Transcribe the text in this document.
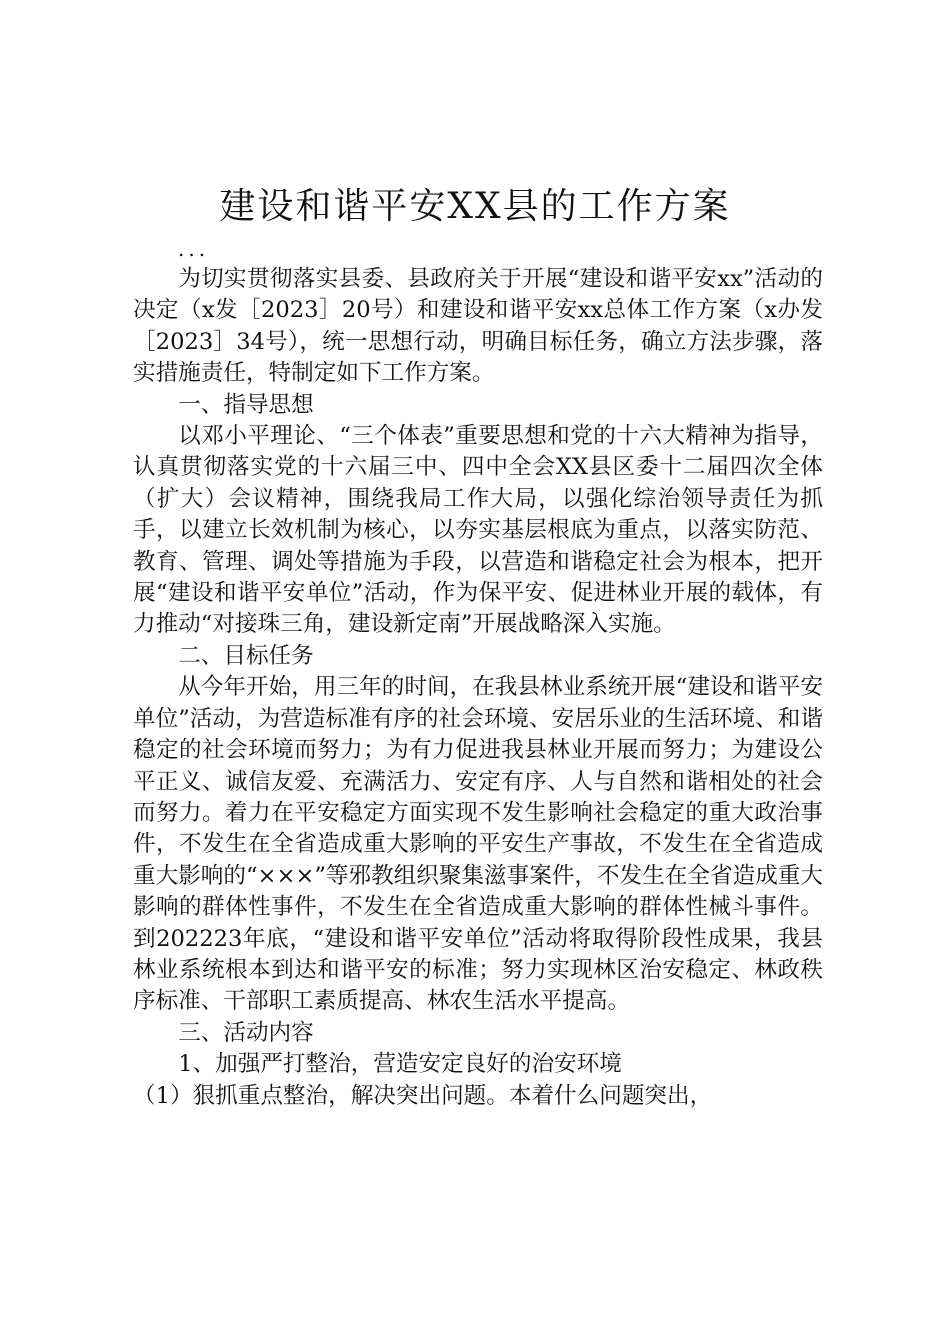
建设和谐平安XX县的工作方案
...

为切实贯彻落实县委、县政府关于开展“建设和谐平安xx”活动的决定（x发［2023］20号）和建设和谐平安xx总体工作方案（x办发［2023］34号），统一思想行动，明确目标任务，确立方法步骤，落实措施责任，特制定如下工作方案。

一、指导思想

以邓小平理论、“三个体表”重要思想和党的十六大精神为指导，认真贯彻落实党的十六届三中、四中全会XX县区委十二届四次全体（扩大）会议精神，围绕我局工作大局，以强化综治领导责任为抓手，以建立长效机制为核心，以夯实基层根底为重点，以落实防范、教育、管理、调处等措施为手段，以营造和谐稳定社会为根本，把开展“建设和谐平安单位”活动，作为保平安、促进林业开展的载体，有力推动“对接珠三角，建设新定南”开展战略深入实施。

二、目标任务

从今年开始，用三年的时间，在我县林业系统开展“建设和谐平安单位”活动，为营造标准有序的社会环境、安居乐业的生活环境、和谐稳定的社会环境而努力；为有力促进我县林业开展而努力；为建设公平正义、诚信友爱、充满活力、安定有序、人与自然和谐相处的社会而努力。着力在平安稳定方面实现不发生影响社会稳定的重大政治事件，不发生在全省造成重大影响的平安生产事故，不发生在全省造成重大影响的“×××”等邪教组织聚集滋事案件，不发生在全省造成重大影响的群体性事件，不发生在全省造成重大影响的群体性械斗事件。到202223年底，“建设和谐平安单位”活动将取得阶段性成果，我县林业系统根本到达和谐平安的标准；努力实现林区治安稳定、林政秩序标准、干部职工素质提高、林农生活水平提高。

三、活动内容

1、加强严打整治，营造安定良好的治安环境

（1）狠抓重点整治，解决突出问题。本着什么问题突出，
